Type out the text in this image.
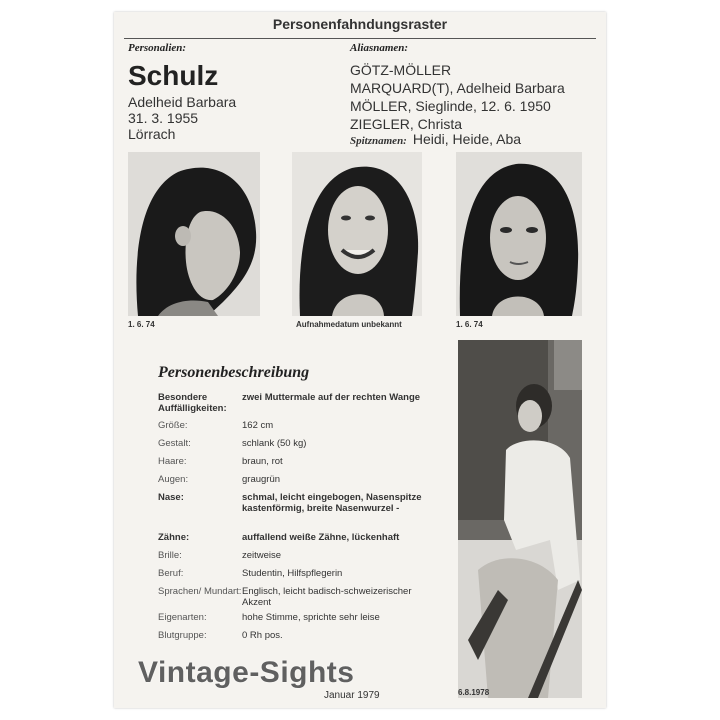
Personenfahndungsraster
Personalien:
Schulz
Adelheid Barbara
31. 3. 1955
Lörrach
Aliasnamen:
GÖTZ-MÖLLER
MARQUARD(T), Adelheid Barbara
MÖLLER, Sieglinde, 12. 6. 1950
ZIEGLER, Christa
Spitznamen: Heidi, Heide, Aba
1. 6. 74	Aufnahmedatum unbekannt	1. 6. 74
6.8.1978
Personenbeschreibung
Besondere Auffälligkeiten:
zwei Muttermale auf der rechten Wange
Größe:	162 cm
Gestalt:	schlank (50 kg)
Haare:	braun, rot
Augen:	graugrün
Nase:	schmal, leicht eingebogen, Nasenspitze kastenförmig, breite Nasenwurzel -
Zähne:	auffallend weiße Zähne, lückenhaft
Brille:	zeitweise
Beruf:	Studentin, Hilfspflegerin
Sprachen/ Mundart: Englisch, leicht badisch-schweizerischer Akzent
Eigenarten:	hohe Stimme, sprichte sehr leise
Blutgruppe:	0 Rh pos.
Januar 1979
Vintage-Sights
